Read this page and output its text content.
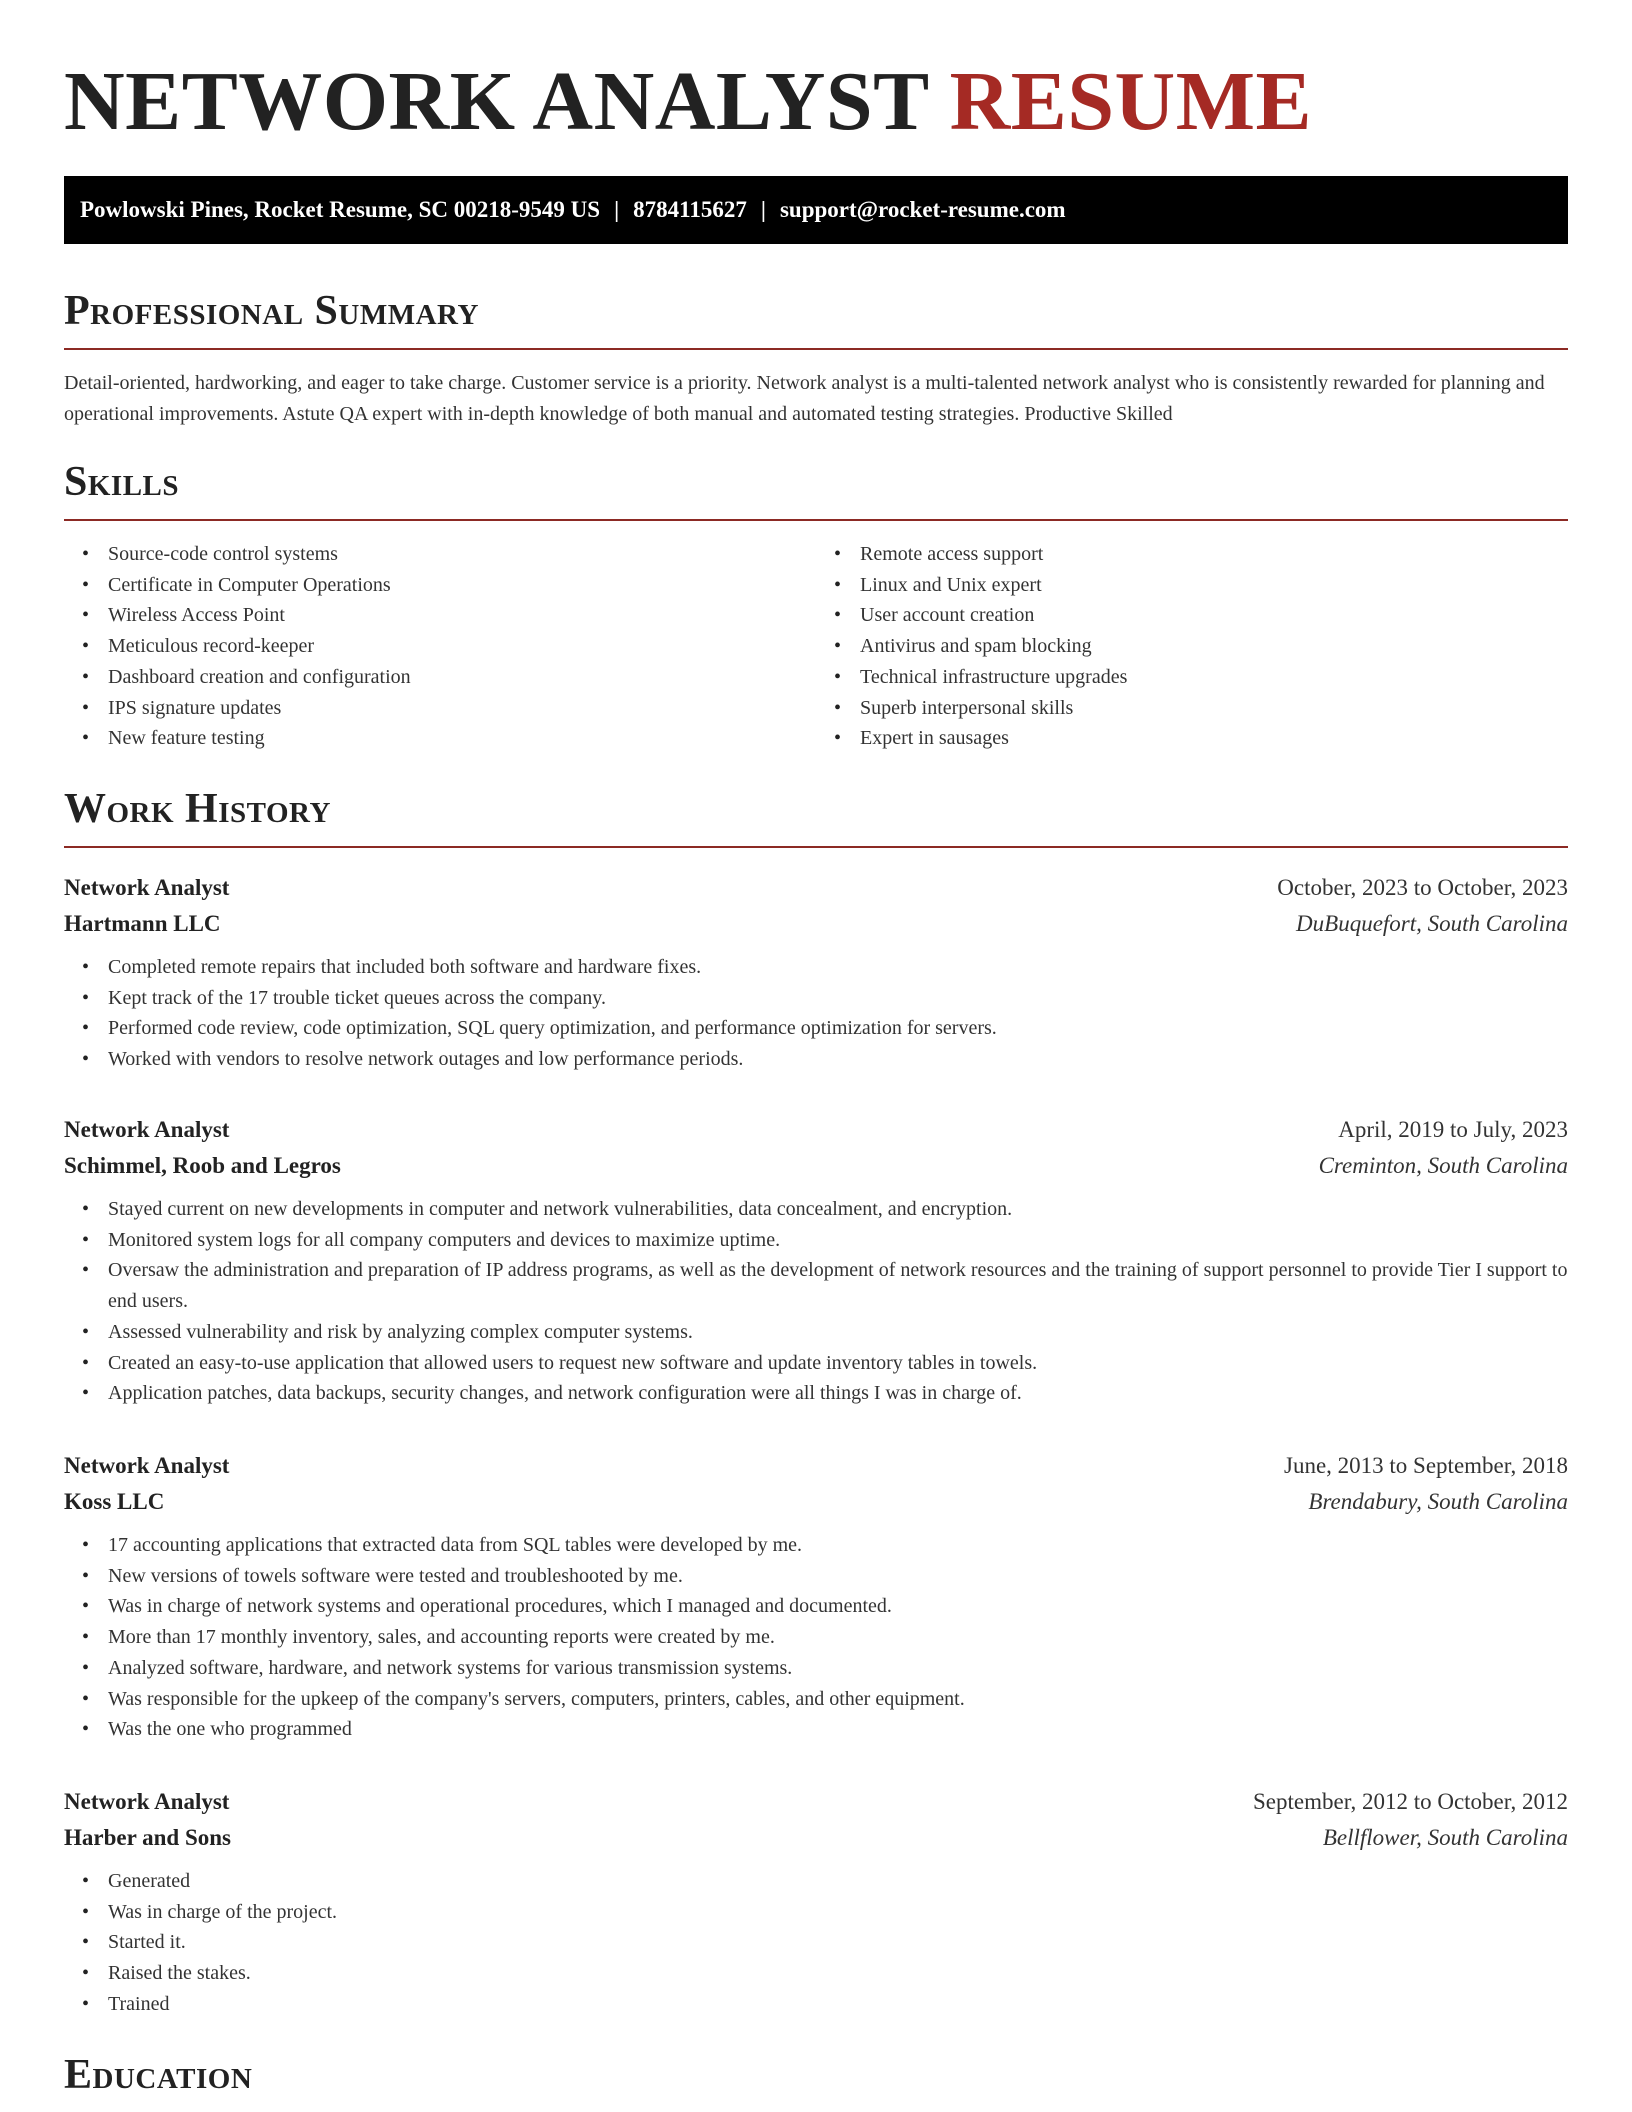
NETWORK ANALYST RESUME
Powlowski Pines, Rocket Resume, SC 00218-9549 US | 8784115627 | support@rocket-resume.com
Professional Summary

Detail-oriented, hardworking, and eager to take charge. Customer service is a priority. Network analyst is a multi-talented network analyst who is consistently rewarded for planning and operational improvements. Astute QA expert with in-depth knowledge of both manual and automated testing strategies. Productive Skilled

Skills
• Source-code control systems
• Certificate in Computer Operations
• Wireless Access Point
• Meticulous record-keeper
• Dashboard creation and configuration
• IPS signature updates
• New feature testing
• Remote access support
• Linux and Unix expert
• User account creation
• Antivirus and spam blocking
• Technical infrastructure upgrades
• Superb interpersonal skills
• Expert in sausages
Work History
Network Analyst	October, 2023 to October, 2023
Hartmann LLC	DuBuquefort, South Carolina
• Completed remote repairs that included both software and hardware fixes.
• Kept track of the 17 trouble ticket queues across the company.
• Performed code review, code optimization, SQL query optimization, and performance optimization for servers.
• Worked with vendors to resolve network outages and low performance periods.
Network Analyst	April, 2019 to July, 2023
Schimmel, Roob and Legros	Creminton, South Carolina
• Stayed current on new developments in computer and network vulnerabilities, data concealment, and encryption.
• Monitored system logs for all company computers and devices to maximize uptime.
• Oversaw the administration and preparation of IP address programs, as well as the development of network resources and the training of support personnel to provide Tier I support to end users.
• Assessed vulnerability and risk by analyzing complex computer systems.
• Created an easy-to-use application that allowed users to request new software and update inventory tables in towels.
• Application patches, data backups, security changes, and network configuration were all things I was in charge of.
Network Analyst	June, 2013 to September, 2018
Koss LLC	Brendabury, South Carolina
• 17 accounting applications that extracted data from SQL tables were developed by me.
• New versions of towels software were tested and troubleshooted by me.
• Was in charge of network systems and operational procedures, which I managed and documented.
• More than 17 monthly inventory, sales, and accounting reports were created by me.
• Analyzed software, hardware, and network systems for various transmission systems.
• Was responsible for the upkeep of the company's servers, computers, printers, cables, and other equipment.
• Was the one who programmed
Network Analyst	September, 2012 to October, 2012
Harber and Sons	Bellflower, South Carolina
• Generated
• Was in charge of the project.
• Started it.
• Raised the stakes.
• Trained
Education
